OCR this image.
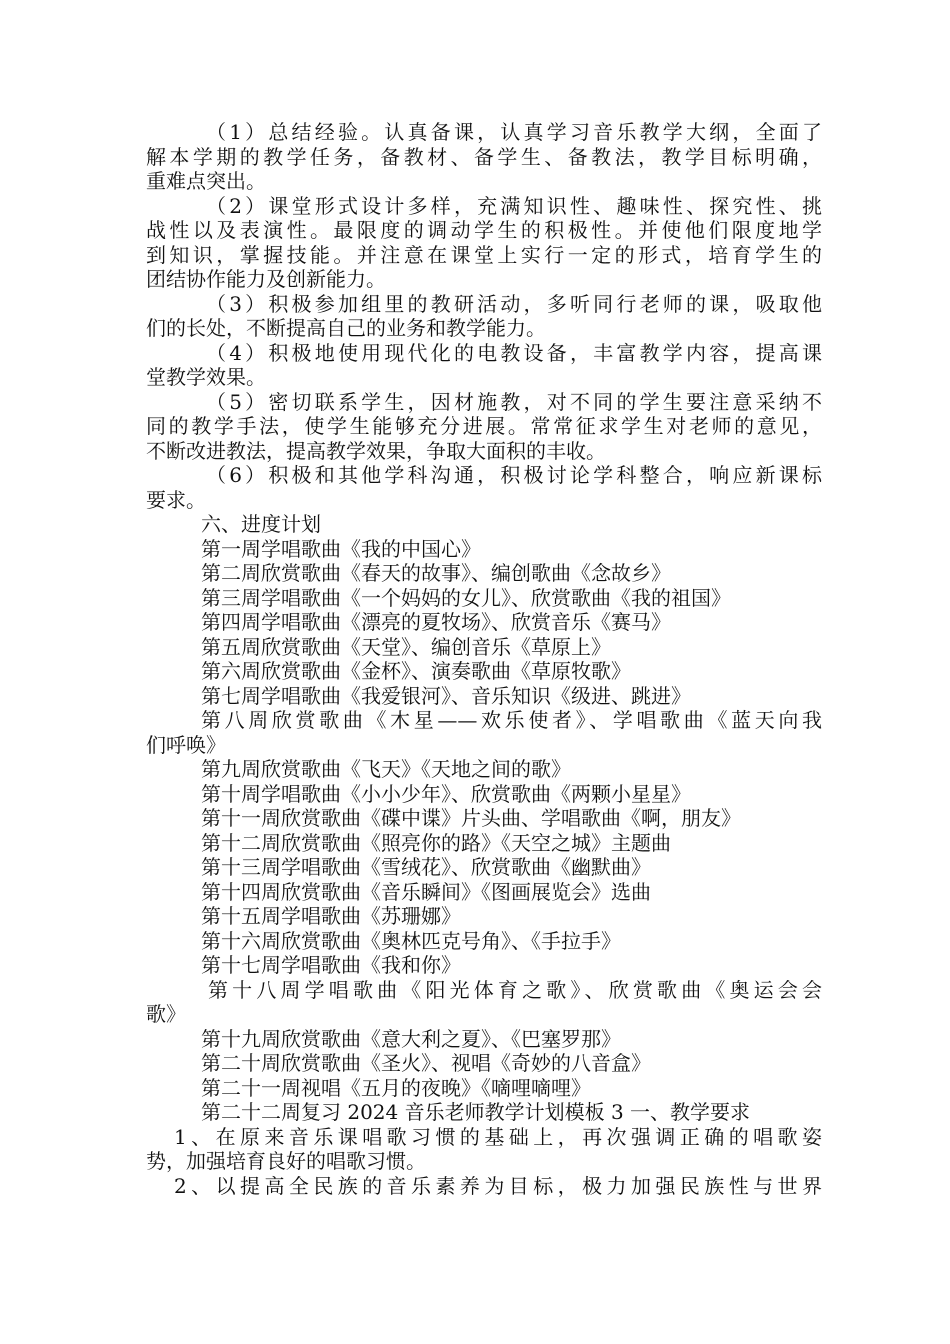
（1）总结经验。认真备课，认真学习音乐教学大纲，全面了

解本学期的教学任务，备教材、备学生、备教法，教学目标明确，

重难点突出。

（2）课堂形式设计多样，充满知识性、趣味性、探究性、挑

战性以及表演性。最限度的调动学生的积极性。并使他们限度地学

到知识，掌握技能。并注意在课堂上实行一定的形式，培育学生的

团结协作能力及创新能力。

（3）积极参加组里的教研活动，多听同行老师的课，吸取他

们的长处，不断提高自己的业务和教学能力。

（4）积极地使用现代化的电教设备，丰富教学内容，提高课

堂教学效果。

（5）密切联系学生，因材施教，对不同的学生要注意采纳不

同的教学手法，使学生能够充分进展。常常征求学生对老师的意见，

不断改进教法，提高教学效果，争取大面积的丰收。

（6）积极和其他学科沟通，积极讨论学科整合，响应新课标

要求。

六、进度计划

第一周学唱歌曲《我的中国心》

第二周欣赏歌曲《春天的故事》、编创歌曲《念故乡》

第三周学唱歌曲《一个妈妈的女儿》、欣赏歌曲《我的祖国》

第四周学唱歌曲《漂亮的夏牧场》、欣赏音乐《赛马》

第五周欣赏歌曲《天堂》、编创音乐《草原上》

第六周欣赏歌曲《金杯》、演奏歌曲《草原牧歌》

第七周学唱歌曲《我爱银河》、音乐知识《级进、跳进》

第八周欣赏歌曲《木星——欢乐使者》、学唱歌曲《蓝天向我

们呼唤》

第九周欣赏歌曲《飞天》《天地之间的歌》

第十周学唱歌曲《小小少年》、欣赏歌曲《两颗小星星》

第十一周欣赏歌曲《碟中谍》片头曲、学唱歌曲《啊，朋友》

第十二周欣赏歌曲《照亮你的路》《天空之城》主题曲

第十三周学唱歌曲《雪绒花》、欣赏歌曲《幽默曲》

第十四周欣赏歌曲《音乐瞬间》《图画展览会》选曲

第十五周学唱歌曲《苏珊娜》

第十六周欣赏歌曲《奥林匹克号角》、《手拉手》

第十七周学唱歌曲《我和你》

第十八周学唱歌曲《阳光体育之歌》、欣赏歌曲《奥运会会

歌》

第十九周欣赏歌曲《意大利之夏》、《巴塞罗那》

第二十周欣赏歌曲《圣火》、视唱《奇妙的八音盒》

第二十一周视唱《五月的夜晚》《嘀哩嘀哩》

第二十二周复习 2024 音乐老师教学计划模板 3 一、教学要求

1、在原来音乐课唱歌习惯的基础上，再次强调正确的唱歌姿

势，加强培育良好的唱歌习惯。

2、以提高全民族的音乐素养为目标，极力加强民族性与世界
